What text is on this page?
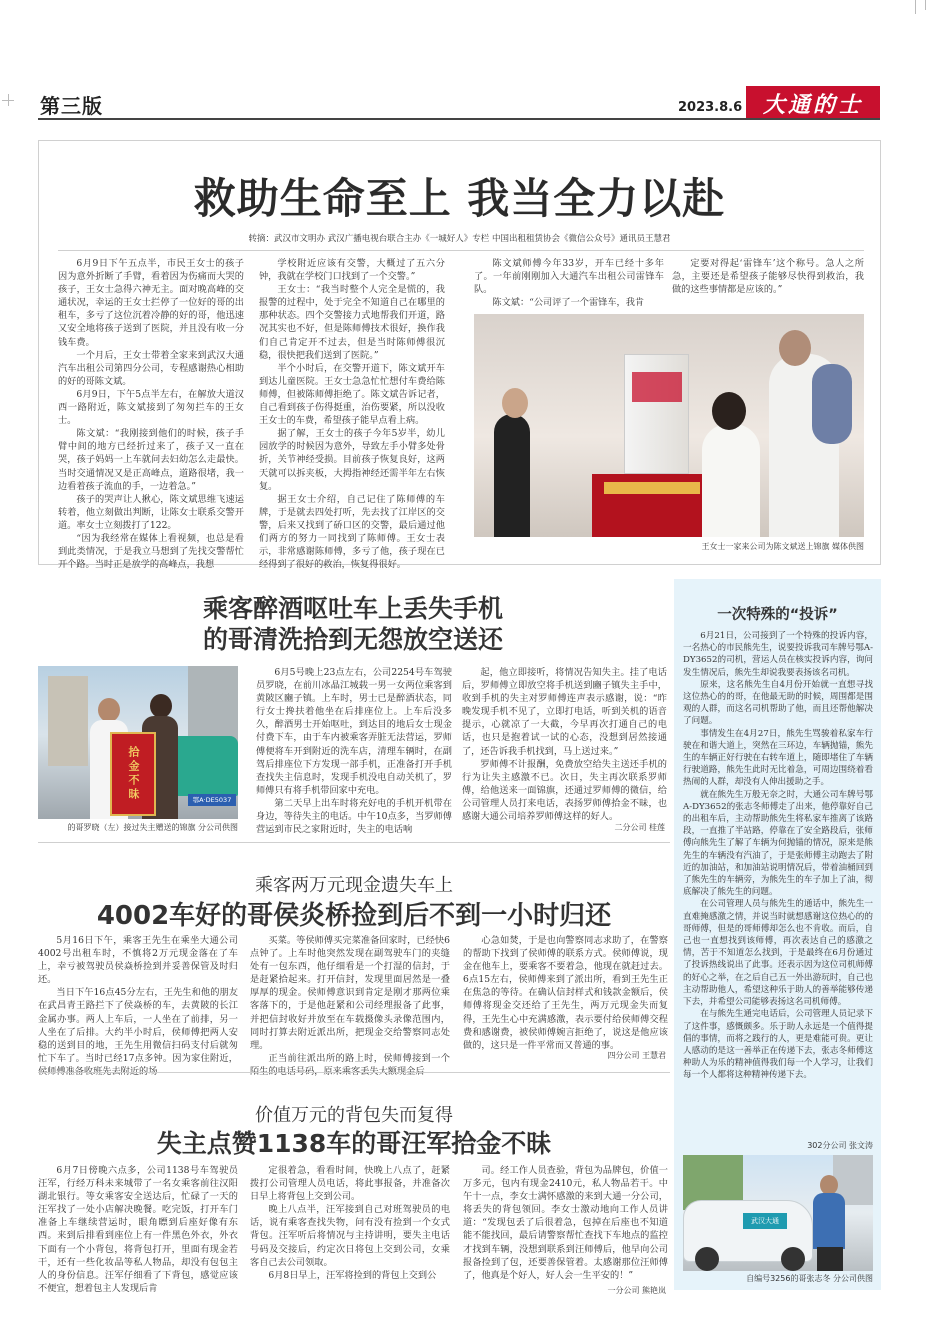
第三版	2023.8.6 大通的士
救助生命至上 我当全力以赴
转摘：武汉市文明办 武汉广播电视台联合主办《一城好人》专栏 中国出租租赁协会《微信公众号》通讯员王慧君

6月9日下午五点半，市民王女士的孩子因为意外折断了手臂，看着因为伤痛而大哭的孩子，王女士急得六神无主。面对晚高峰的交通状况，幸运的王女士拦停了一位好的哥的出租车，多亏了这位沉着冷静的好的哥，他迅速又安全地将孩子送到了医院，并且没有收一分钱车费。

一个月后，王女士带着全家来到武汉大通汽车出租公司第四分公司，专程感谢热心相助的好的哥陈文斌。

6月9日，下午5点半左右，在解放大道汉西一路附近，陈文斌接到了匆匆拦车的王女士。

陈文斌：“我刚接到他们的时候，孩子手臂中间的地方已经折过来了，孩子又一直在哭，孩子妈妈一上车就问去妇幼怎么走最快。当时交通情况又是正高峰点，道路很堵，我一边看着孩子流血的手，一边着急。”

孩子的哭声让人揪心，陈文斌思维飞速运转着，他立刻做出判断，让陈女士联系交警开道。率女士立刻拨打了122。

“因为我经常在媒体上看视频，也总是看到此类情况，于是我立马想到了先找交警帮忙开个路。当时正是放学的高峰点，我想

学校附近应该有交警，大概过了五六分钟，我就在学校门口找到了一个交警。”

王女士：“我当时整个人完全是慌的，我报警的过程中，处于完全不知道自己在哪里的那种状态。四个交警接力式地帮我们开道，路况其实也不好，但是陈师傅技术很好，换作我们自己肯定开不过去，但是当时陈师傅很沉稳，很快把我们送到了医院。”

半个小时后，在交警开道下，陈文斌开车到达儿童医院。王女士急急忙忙想付车费给陈师傅，但被陈师傅拒绝了。陈文斌告诉记者，自己看到孩子伤得挺重，治伤要紧，所以没收王女士的车费，希望孩子能早点看上病。

据了解，王女士的孩子今年5岁半，幼儿园放学的时候因为意外，导致左手小臂多处骨折，关节神经受损。目前孩子恢复良好，这两天就可以拆夹板，大拇指神经还需半年左右恢复。

据王女士介绍，自己记住了陈师傅的车牌，于是就去四处打听，先去找了江岸区的交警，后来又找到了硚口区的交警，最后通过他们两方的努力一同找到了陈师傅。王女士表示，非常感谢陈师傅，多亏了他，孩子现在已经得到了很好的救治，恢复得很好。

陈文斌师傅今年33岁，开车已经十多年了。一年前刚刚加入大通汽车出租公司雷锋车队。

陈文斌：“公司评了一个雷锋车，我肯

定要对得起‘雷锋车’这个称号。急人之所急，主要还是希望孩子能够尽快得到救治，我做的这些事情都是应该的。”

王女士一家来公司为陈文斌送上锦旗 媒体供图
乘客醉酒呕吐车上丢失手机
的哥清洗拾到无怨放空送还
鄂A·DE5037
拾金不昧
的哥罗晓（左）接过失主赠送的锦旗 分公司供图

6月5号晚上23点左右，公司2254号车驾驶员罗晓，在前川冰晶江城载一男一女两位乘客到黄陂区豳子镇。上车时，男士已是醉酒状态，同行女士搀扶着他坐在后排座位上。上车后没多久，醉酒男士开始呕吐，到达目的地后女士现金付费下车，由于车内被乘客弄脏无法营运，罗师傅便将车开到附近的洗车店，清理车辆时，在副驾后排座位下方发现一部手机，正准备打开手机查找失主信息时，发现手机没电自动关机了，罗师傅只有将手机带回家中充电。

第二天早上出车时将充好电的手机开机带在身边，等待失主的电话。中午10点多，当罗师傅营运到市民之家附近时，失主的电话响

起，他立即接听，将情况告知失主。挂了电话后，罗师傅立即放空将手机送到豳子镇失主手中，收到手机的失主对罗师傅连声表示感谢，说：“昨晚发现手机不见了，立即打电话，听到关机的语音提示，心就凉了一大截，今早再次打通自己的电话，也只是抱着试一试的心态，没想到居然接通了，还告诉我手机找到，马上送过来。”

罗师傅不计报酬，免费放空给失主送还手机的行为让失主感激不已。次日，失主再次联系罗师傅，给他送来一面锦旗，还通过罗师傅的微信，给公司管理人员打来电话，表扬罗师傅拾金不昧，也感谢大通公司培养罗师傅这样的好人。

二分公司 桂莲
乘客两万元现金遗失车上
4002车好的哥侯炎桥捡到后不到一小时归还

5月16日下午，乘客王先生在乘坐大通公司4002号出租车时，不慎将2万元现金落在了车上，幸亏被驾驶员侯焱桥捡到并妥善保管及时归还。

当日下午16点45分左右，王先生和他的朋友在武昌青王路拦下了侯焱桥的车，去黄陂的长江金属办事。两人上车后，一人坐在了前排，另一人坐在了后排。大约半小时后，侯师傅把两人安稳的送到目的地，王先生用微信扫码支付后就匆忙下车了。当时已经17点多钟。因为家住附近，

买菜。等侯师傅买完菜准备回家时，已经快6点钟了。上车时他突然发现在副驾驶车门的夹缝处有一包东西，他仔细看是一个打湿的信封，于是赶紧拾起来。打开信封，发现里面居然是一叠厚厚的现金。侯师傅意识到肯定是刚才那两位乘客落下的，于是他赶紧和公司经理报备了此事，并把信封收好并放至在车载摄像头录像范围内，同时打算去附近派出所，把现金交给警察同志处理。

正当前往派出所的路上时，侯师傅接到一个

心急如焚，于是也向警察同志求助了，在警察的帮助下找到了侯师傅的联系方式。侯师傅说，现金在他车上，要乘客不要着急，他现在就赶过去。6点15左右，侯师傅来到了派出所，看到王先生正在焦急的等待。在确认信封样式和钱款金额后，侯师傅将现金交还给了王先生，两万元现金失而复得，王先生心中充满感激，表示要付给侯师傅交程费和感谢费，被侯师傅婉言拒绝了，说这是他应该做的，这只是一件平常而又普通的事。

四分公司 王慧君
价值万元的背包失而复得
失主点赞1138车的哥汪军拾金不昧

6月7日傍晚六点多，公司1138号车驾驶员汪军，行经万科未来城带了一名女乘客前往汉阳湖北银行。等女乘客安全送达后，忙碌了一天的汪军找了一处小店解决晚餐。吃完饭，打开车门准备上车继续营运时，眼角瞟到后座好像有东西。来到后排看到座位上有一件黑色外衣，外衣下面有一个小背包，将背包打开，里面有现金若干，还有一些化妆品等私人物品，却没有包包主人的身份信息。汪军仔细看了下背包，感觉应该不便宜，想着包主人发现后肯

定很着急，看看时间，快晚上八点了，赶紧拨打公司管理人员电话，将此事报备，并准备次日早上将背包上交到公司。

晚上八点半，汪军接到自己对班驾驶员的电话，说有乘客查找失物，问有没有捡到一个女式背包。汪军听后将情况与主持讲明，要失主电话号码及交接后，约定次日将包上交到公司，女乘客自己去公司领取。

6月8日早上，汪军将捡到的背包上交到公

司。经工作人员查验，背包为品牌包，价值一万多元，包内有现金2410元，私人物品若干。中午十一点，李女士满怀感激的来到大通一分公司，将丢失的背包领回。李女士激动地向工作人员讲道：“发现包丢了后很着急，包掉在后座也不知道能不能找回，最后请警察帮忙查找下车地点的监控才找到车辆，没想到联系到汪师傅后，他早向公司报备捡到了包，还要善保管着。太感谢那位汪师傅了，他真是个好人，好人会一生平安的！”

一分公司 熊艳岚
一次特殊的“投诉”

6月21日，公司接到了一个特殊的投诉内容，一名热心的市民熊先生，说要投诉我司车牌号鄂A-DY3652的司机，营运人员在核实投诉内容，询问发生情况后，熊先生却说我要表扬该名司机。

原来，这名熊先生自4月份开始就一直想寻找这位热心的的哥，在他最无助的时候，周围都是围观的人群，而这名司机帮助了他，而且还帮他解决了问题。

事情发生在4月27日，熊先生骂骏着私家车行驶在和谐大道上，突然在三环边，车辆抛锚，熊先生的车辆正好行驶在右转车道上，随即堵住了车辆行驶道路，熊先生此时无比着急，可周边围绕着看热闹的人群，却没有人伸出援助之手。

就在熊先生万般无奈之时，大通公司车牌号鄂A-DY3652的张志冬师傅走了出来，他停靠好自己的出租车后，主动帮助熊先生将私家车推离了该路段，一直推了半站路，停靠在了安全路段后，张师傅向熊先生了解了车辆为何抛锚的情况，原来是熊先生的车辆没有汽油了，于是张师傅主动跑去了附近的加油站，和加油站说明情况后，带着油桶回到了熊先生的车辆旁，为熊先生的车子加上了油，彻底解决了熊先生的问题。

在公司管理人员与熊先生的通话中，熊先生一直难掩感激之情，并说当时就想感谢这位热心的的哥师傅，但是的哥师傅却怎么也不肯收。而后，自己也一直想找到该师傅，再次表达自己的感激之情，苦于不知道怎么找到，于是最终在6月份通过了投诉热线说出了此事。还表示因为这位司机师傅的好心之举，在之后自己五一外出游玩时，自己也主动帮助他人，希望这种乐于助人的善举能够传递下去，并希望公司能够表扬这名司机师傅。

在与熊先生通完电话后，公司管理人员记录下了这件事，感慨颇多。乐于助人永远是一个值得提倡的事情，而将之践行的人，更是难能可贵。更让人感动的是这一善举正在传递下去，张志冬师傅这种助人为乐的精神值得我们每一个人学习，让我们每一个人都将这种精神传递下去。

302分公司 张文涛
武汉大通
自编号3256的哥张志冬 分公司供图
